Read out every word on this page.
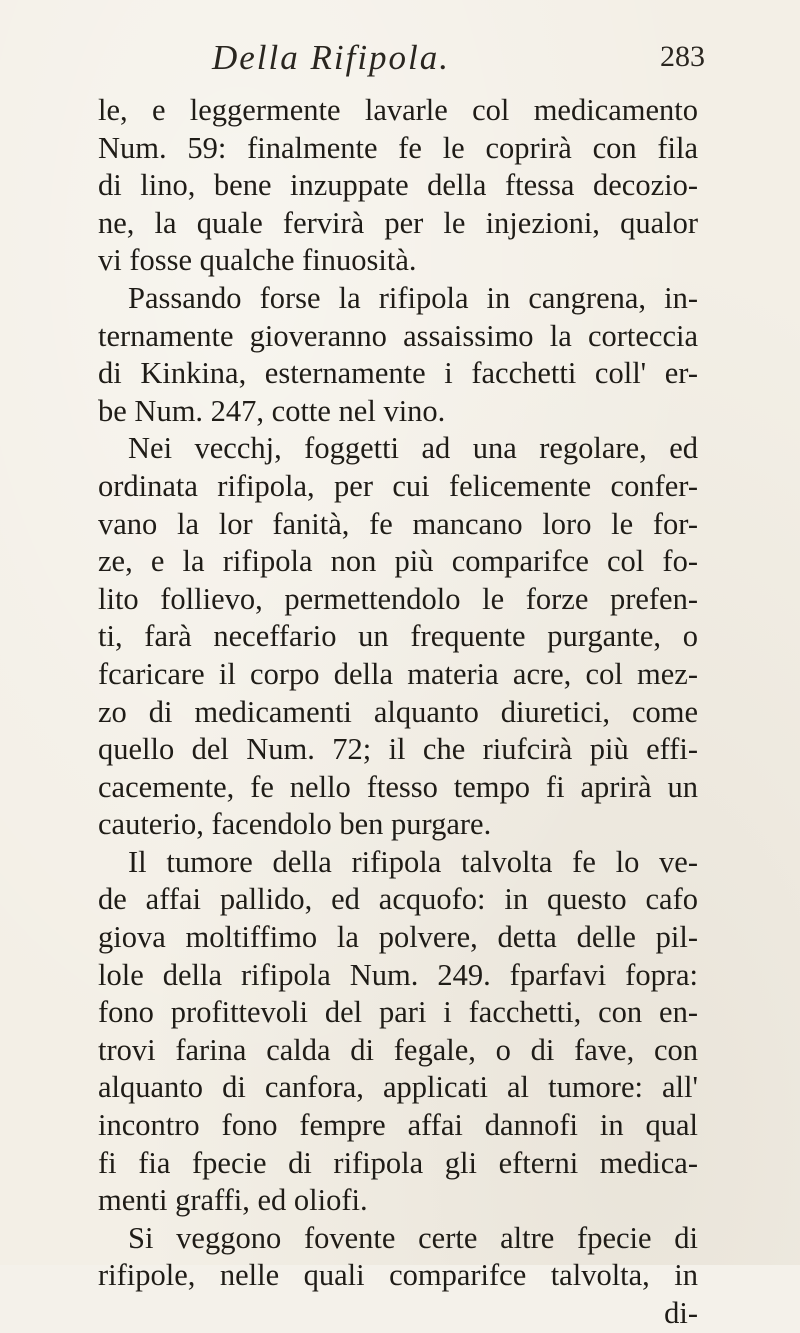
Della Rifipola.	283
le, e leggermente lavarle col medicamento
Num. 59: finalmente fe le coprirà con fila
di lino, bene inzuppate della ftessa decozio-
ne, la quale fervirà per le injezioni, qualor
vi fosse qualche finuosità.
Passando forse la rifipola in cangrena, in-
ternamente gioveranno assaissimo la corteccia
di Kinkina, esternamente i facchetti coll' er-
be Num. 247, cotte nel vino.
Nei vecchj, foggetti ad una regolare, ed
ordinata rifipola, per cui felicemente confer-
vano la lor fanità, fe mancano loro le for-
ze, e la rifipola non più comparifce col fo-
lito follievo, permettendolo le forze prefen-
ti, farà neceffario un frequente purgante, o
fcaricare il corpo della materia acre, col mez-
zo di medicamenti alquanto diuretici, come
quello del Num. 72; il che riufcirà più effi-
cacemente, fe nello ftesso tempo fi aprirà un
cauterio, facendolo ben purgare.
Il tumore della rifipola talvolta fe lo ve-
de affai pallido, ed acquofo: in questo cafo
giova moltiffimo la polvere, detta delle pil-
lole della rifipola Num. 249. fparfavi fopra:
fono profittevoli del pari i facchetti, con en-
trovi farina calda di fegale, o di fave, con
alquanto di canfora, applicati al tumore: all'
incontro fono fempre affai dannofi in qual
fi fia fpecie di rifipola gli efterni medica-
menti graffi, ed oliofi.
Si veggono fovente certe altre fpecie di
rifipole, nelle quali comparifce talvolta, in
di-
